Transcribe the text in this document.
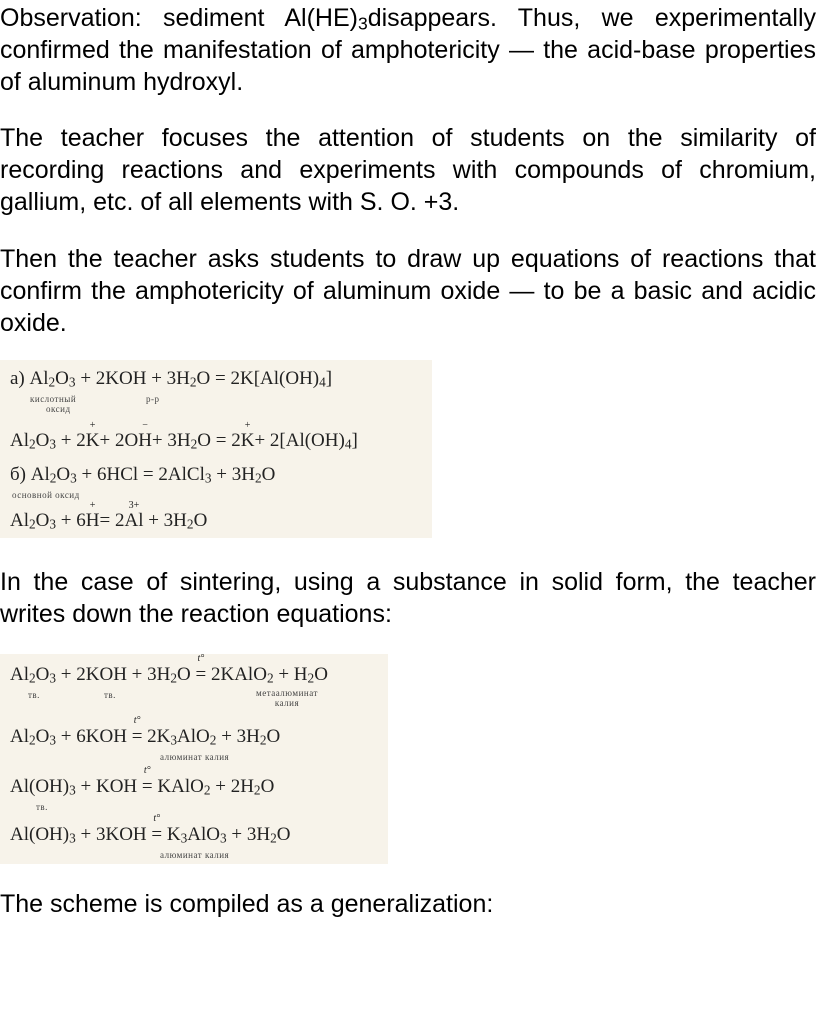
Observation: sediment $Al(HE)_3disappears$. Thus, we experimentally confirmed the manifestation of amphotericity — the acid-base properties of aluminum hydroxyl.

The teacher focuses the attention of students on the similarity of recording reactions and experiments with compounds of chromium, gallium, etc. of all elements with S. O. +3.

Then the teacher asks students to draw up equations of reactions that confirm the amphotericity of aluminum oxide — to be a basic and acidic oxide.

а) $Al_2O_3 + 2KOH + 3H_2O = 2K[Al(OH)_4]$
кислотный
оксид
р-р
$Al_2O_3 + 2K ++ 2OH -+ 3H_2O = 2K ++ 2[Al(OH)_4]$
б) $Al_2O_3 + 6HCl$ = 2AlCl$_3$ + $3H_2O$
основной оксид
$Al_2O_3 + 6H += 2Al$ $3+ + 3H_2O$

In the case of sintering, using a substance in solid form, the teacher writes down the reaction equations:

$Al_2O_3 + 2KOH + 3H_2O$ t° = 2KAlO$_2$ + $H_2O$
тв.	тв.	метаалюминат
калия
$Al_2O_3 + 6KOH$ $t^\circ = 2K_3AlO_2 + 3H_2O$
алюминат калия
$Al(OH)_3$ + KOH t° = KAlO$_2$ + $2H_2O$
тв.
$Al(OH)_3 + 3KOH$ $t^\circ = K_3AlO_3 + 3H_2O$
алюминат калия

The scheme is compiled as a generalization:
